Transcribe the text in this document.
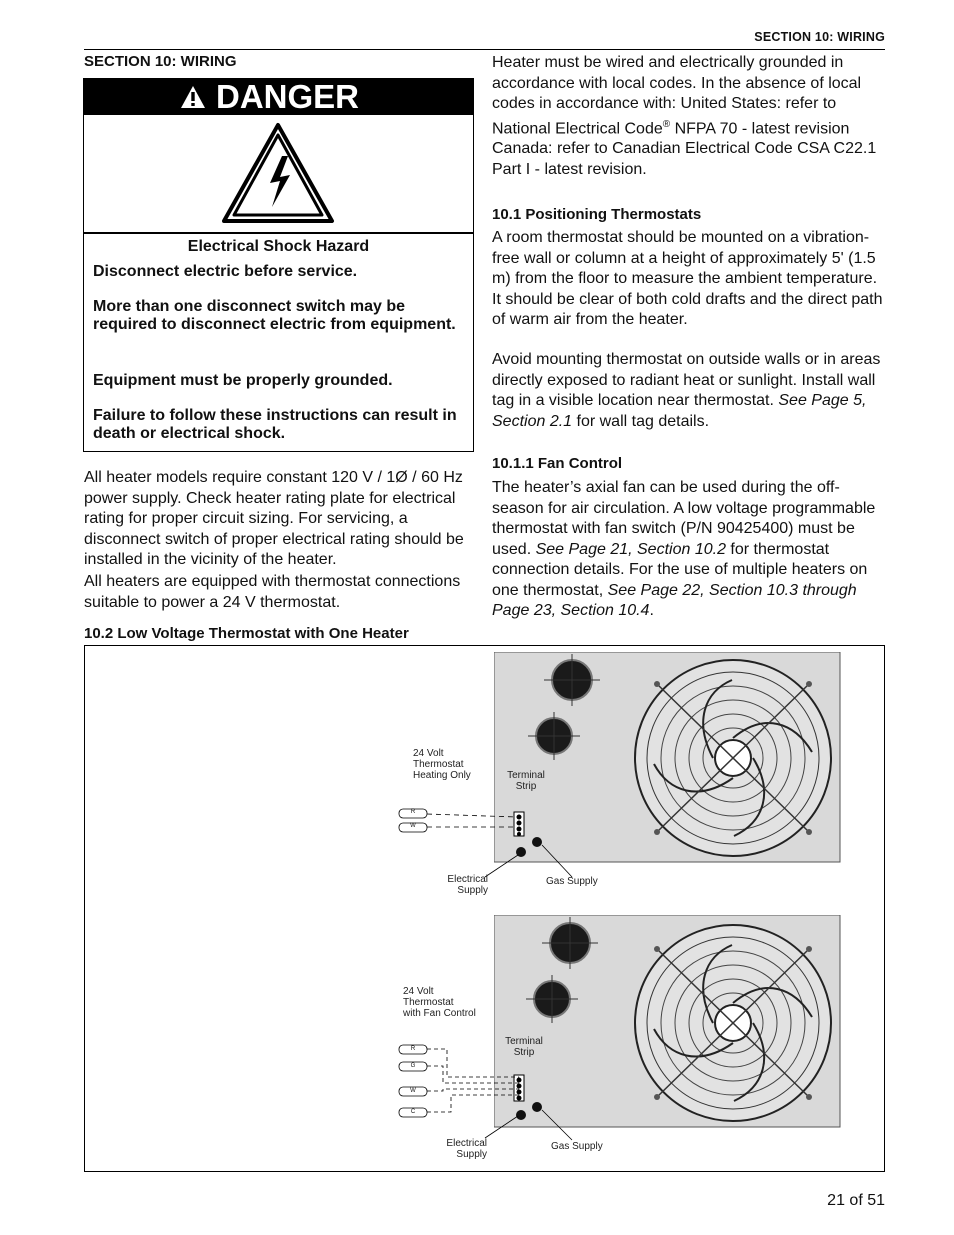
SECTION 10: WIRING
SECTION 10: WIRING
DANGER
Electrical Shock Hazard
Disconnect electric before service.
More than one disconnect switch may be required to disconnect electric from equipment.
Equipment must be properly grounded.
Failure to follow these instructions can result in death or electrical shock.
All heater models require constant 120 V / 1Ø / 60 Hz power supply. Check heater rating plate for electrical rating for proper circuit sizing. For servicing, a disconnect switch of proper electrical rating should be installed in the vicinity of the heater.
All heaters are equipped with thermostat connections suitable to power a 24 V thermostat.
10.2 Low Voltage Thermostat with One Heater
Heater must be wired and electrically grounded in accordance with local codes. In the absence of local codes in accordance with: United States: refer to National Electrical Code® NFPA 70 - latest revision Canada: refer to Canadian Electrical Code CSA C22.1 Part I - latest revision.
10.1 Positioning Thermostats
A room thermostat should be mounted on a vibration-free wall or column at a height of approximately 5' (1.5 m) from the floor to measure the ambient temperature. It should be clear of both cold drafts and the direct path of warm air from the heater.
Avoid mounting thermostat on outside walls or in areas directly exposed to radiant heat or sunlight. Install wall tag in a visible location near thermostat. See Page 5, Section 2.1 for wall tag details.
10.1.1 Fan Control
The heater’s axial fan can be used during the off-season for air circulation. A low voltage programmable thermostat with fan switch (P/N 90425400) must be used. See Page 21, Section 10.2 for thermostat connection details. For the use of multiple heaters on one thermostat, See Page 22, Section 10.3 through Page 23, Section 10.4.
24 Volt
Thermostat
Heating Only	Terminal
Strip
R
W
Electrical
Supply
Gas Supply
24 Volt
Thermostat
with Fan Control
Terminal
Strip
R
G
W
C
Electrical
Supply
Gas Supply
21 of 51
